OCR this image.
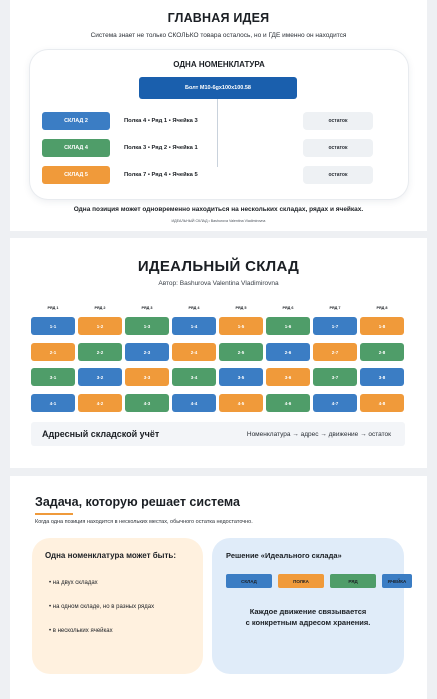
ГЛАВНАЯ ИДЕЯ
Система знает не только СКОЛЬКО товара осталось, но и ГДЕ именно он находится
ОДНА НОМЕНКЛАТУРА
Болт M10-6gx100x100.58
СКЛАД 2	Полка 4 • Ряд 1 • Ячейка 3	остаток
СКЛАД 4	Полка 3 • Ряд 2 • Ячейка 1	остаток
СКЛАД 5	Полка 7 • Ряд 4 • Ячейка 5	остаток
Одна позиция может одновременно находиться на нескольких складах, рядах и ячейках.
ИДЕАЛЬНЫЙ СКЛАД • Bashurova Valentina Vladimirovna
ИДЕАЛЬНЫЙ СКЛАД
Автор: Bashurova Valentina Vladimirovna
РЯД 1	РЯД 2	РЯД 3	РЯД 4	РЯД 5	РЯД 6	РЯД 7	РЯД 8
1-1	1-2	1-3	1-4	1-5	1-6	1-7	1-8
2-1	2-2	2-3	2-4	2-5	2-6	2-7	2-8
3-1	3-2	3-3	3-4	3-5	3-6	3-7	3-8
4-1	4-2	4-3	4-4	4-5	4-6	4-7	4-8
Адресный складской учёт	Номенклатура → адрес → движение → остаток
Задача, которую решает система
Когда одна позиция находится в нескольких местах, обычного остатка недостаточно.
Одна номенклатура может быть:
• на двух складах
• на одном складе, но в разных рядах
• в нескольких ячейках
Решение «Идеального склада»
СКЛАД	ПОЛКА	РЯД	ЯЧЕЙКА
Каждое движение связывается
с конкретным адресом хранения.
